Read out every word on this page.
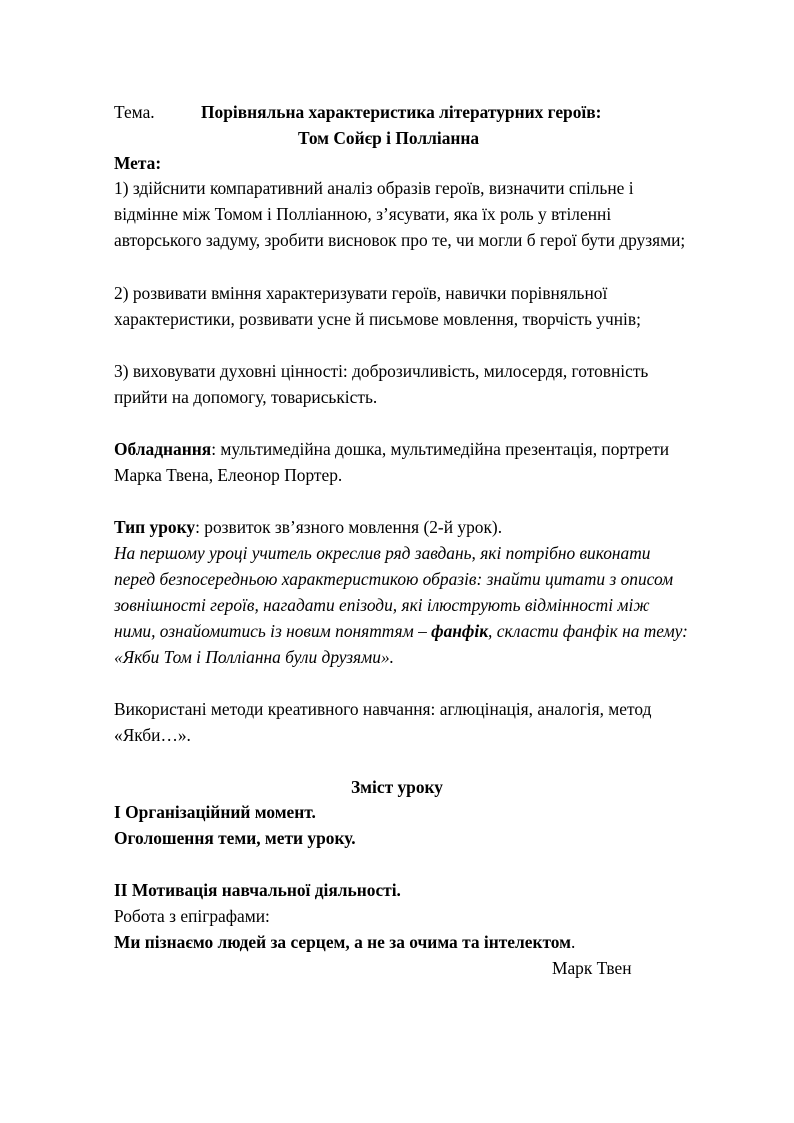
Тема.	Порівняльна характеристика літературних героїв:
Том Сойєр і Полліанна
Мета:
1) здійснити компаративний аналіз образів героїв, визначити спільне і
відмінне між Томом і Полліанною, з’ясувати, яка їх роль у втіленні
авторського задуму, зробити висновок про те, чи могли б герої бути друзями;
2) розвивати вміння характеризувати героїв, навички порівняльної
характеристики, розвивати усне й письмове мовлення, творчість учнів;
3) виховувати духовні цінності: доброзичливість, милосердя, готовність
прийти на допомогу, товариськість.
Обладнання: мультимедійна дошка, мультимедійна презентація, портрети
Марка Твена, Елеонор Портер.
Тип уроку: розвиток зв’язного мовлення (2-й урок).
На першому уроці учитель окреслив ряд завдань, які потрібно виконати
перед безпосередньою характеристикою образів: знайти цитати з описом
зовнішності героїв, нагадати епізоди, які ілюструють відмінності між
ними, ознайомитись із новим поняттям – фанфік, скласти фанфік на тему:
«Якби Том і Полліанна були друзями».
Використані методи креативного навчання: аглюцінація, аналогія, метод
«Якби…».
Зміст уроку
І Організаційний момент.
Оголошення теми, мети уроку.
ІІ Мотивація навчальної діяльності.
Робота з епіграфами:
Ми пізнаємо людей за серцем, а не за очима та інтелектом.
Марк Твен
